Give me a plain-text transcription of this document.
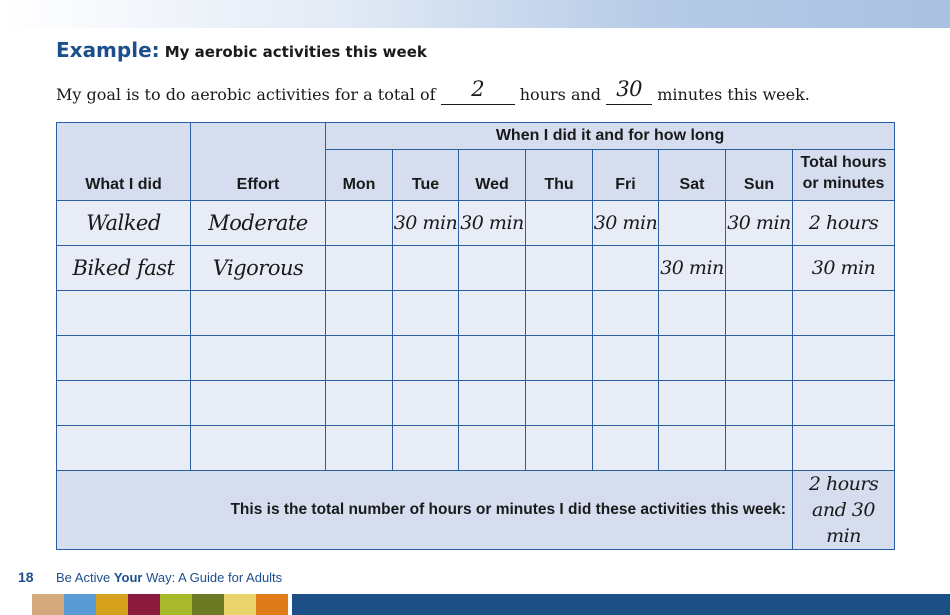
Example: My aerobic activities this week
My goal is to do aerobic activities for a total of 2 hours and 30 minutes this week.
What I did	Effort	When I did it and for how long							
		Mon	Tue	Wed	Thu	Fri	Sat	Sun	Total hours
or minutes

Walked	Moderate		30 min	30 min		30 min		30 min	2 hours
Biked fast	Vigorous						30 min		30 min

This is the total number of hours or minutes I did these activities this week:									2 hours
and 30 min
18 Be Active Your Way: A Guide for Adults
